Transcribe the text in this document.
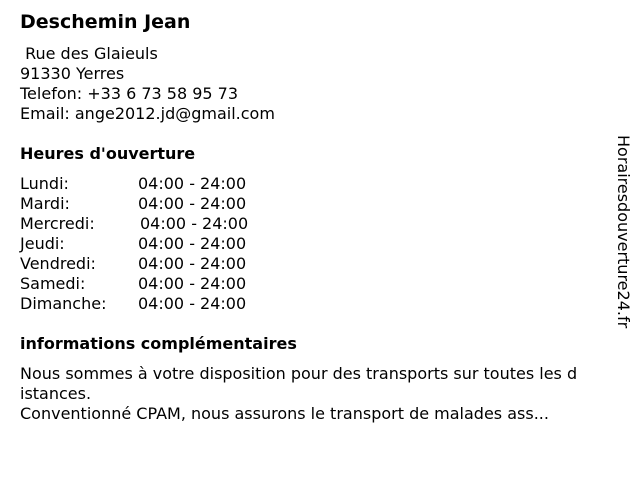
Deschemin Jean
Rue des Glaieuls
91330 Yerres
Telefon: +33 6 73 58 95 73
Email: ange2012.jd@gmail.com
Heures d'ouverture
Lundi:	04:00 - 24:00
Mardi:	04:00 - 24:00
Mercredi:	04:00 - 24:00
Jeudi:	04:00 - 24:00
Vendredi:	04:00 - 24:00
Samedi:	04:00 - 24:00
Dimanche: 04:00 - 24:00
informations complémentaires
Nous sommes à votre disposition pour des transports sur toutes les d
istances.
Conventionné CPAM, nous assurons le transport de malades ass...
Horairesdouverture24.fr
